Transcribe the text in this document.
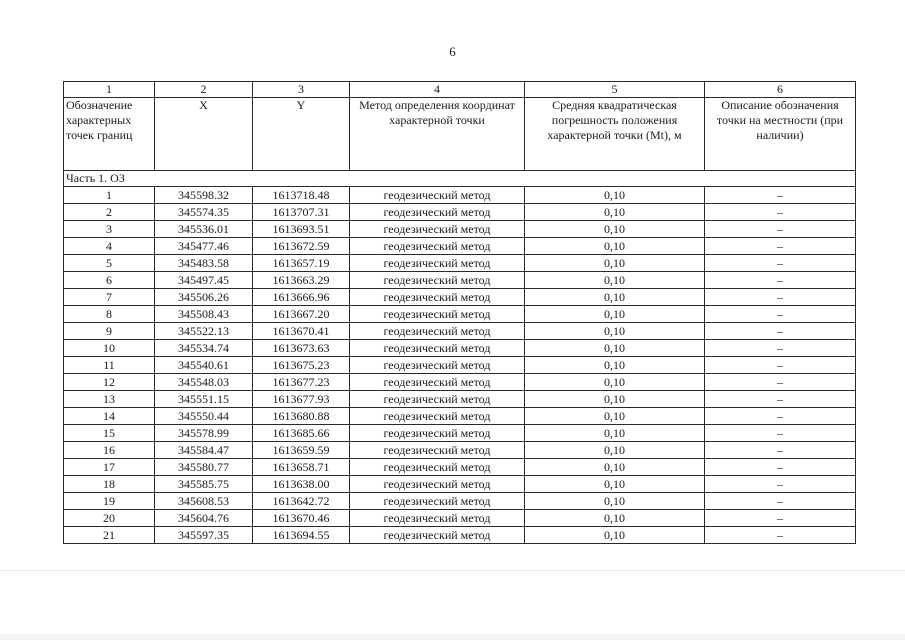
6
1	2	3	4	5	6
Обозначение характерных точек границ	X	Y	Метод определения координат характерной точки	Средняя квадратическая погрешность положения характерной точки (Mt), м	Описание обозначения точки на местности (при наличии)
Часть 1. ОЗ					
1	345598.32	1613718.48	геодезический метод	0,10	–
2	345574.35	1613707.31	геодезический метод	0,10	–
3	345536.01	1613693.51	геодезический метод	0,10	–
4	345477.46	1613672.59	геодезический метод	0,10	–
5	345483.58	1613657.19	геодезический метод	0,10	–
6	345497.45	1613663.29	геодезический метод	0,10	–
7	345506.26	1613666.96	геодезический метод	0,10	–
8	345508.43	1613667.20	геодезический метод	0,10	–
9	345522.13	1613670.41	геодезический метод	0,10	–
10	345534.74	1613673.63	геодезический метод	0,10	–
11	345540.61	1613675.23	геодезический метод	0,10	–
12	345548.03	1613677.23	геодезический метод	0,10	–
13	345551.15	1613677.93	геодезический метод	0,10	–
14	345550.44	1613680.88	геодезический метод	0,10	–
15	345578.99	1613685.66	геодезический метод	0,10	–
16	345584.47	1613659.59	геодезический метод	0,10	–
17	345580.77	1613658.71	геодезический метод	0,10	–
18	345585.75	1613638.00	геодезический метод	0,10	–
19	345608.53	1613642.72	геодезический метод	0,10	–
20	345604.76	1613670.46	геодезический метод	0,10	–
21	345597.35	1613694.55	геодезический метод	0,10	–
